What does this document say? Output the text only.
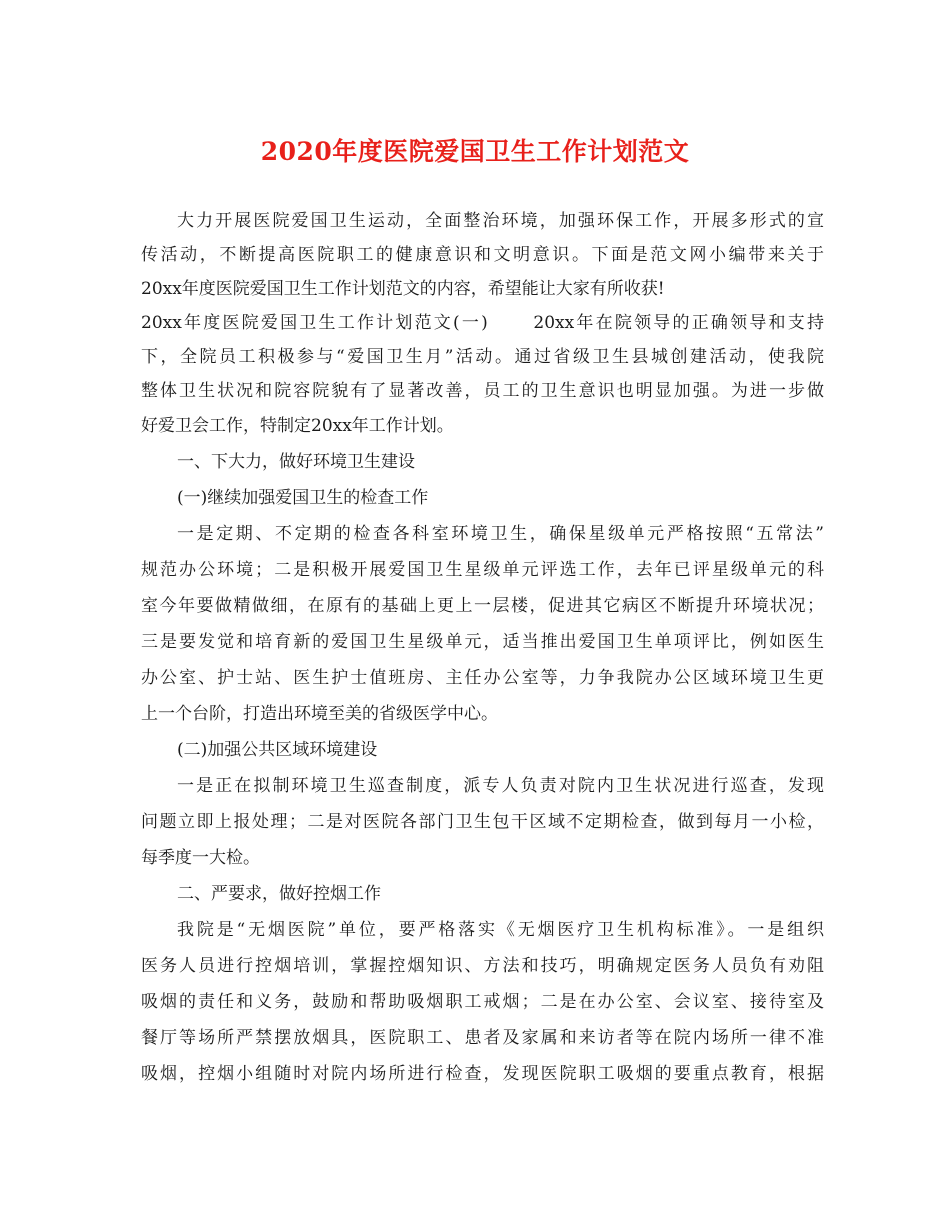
2020年度医院爱国卫生工作计划范文
大力开展医院爱国卫生运动，全面整治环境，加强环保工作，开展多形式的宣
传活动，不断提高医院职工的健康意识和文明意识。下面是范文网小编带来关于
20xx年度医院爱国卫生工作计划范文的内容，希望能让大家有所收获!
20xx年度医院爱国卫生工作计划范文(一)      20xx年在院领导的正确领导和支持
下，全院员工积极参与“爱国卫生月”活动。通过省级卫生县城创建活动，使我院
整体卫生状况和院容院貌有了显著改善，员工的卫生意识也明显加强。为进一步做
好爱卫会工作，特制定20xx年工作计划。
一、下大力，做好环境卫生建设
(一)继续加强爱国卫生的检查工作
一是定期、不定期的检查各科室环境卫生，确保星级单元严格按照“五常法”
规范办公环境；二是积极开展爱国卫生星级单元评选工作，去年已评星级单元的科
室今年要做精做细，在原有的基础上更上一层楼，促进其它病区不断提升环境状况；
三是要发觉和培育新的爱国卫生星级单元，适当推出爱国卫生单项评比，例如医生
办公室、护士站、医生护士值班房、主任办公室等，力争我院办公区域环境卫生更
上一个台阶，打造出环境至美的省级医学中心。
(二)加强公共区域环境建设
一是正在拟制环境卫生巡查制度，派专人负责对院内卫生状况进行巡查，发现
问题立即上报处理；二是对医院各部门卫生包干区域不定期检查，做到每月一小检，
每季度一大检。
二、严要求，做好控烟工作
我院是“无烟医院”单位，要严格落实《无烟医疗卫生机构标准》。一是组织
医务人员进行控烟培训，掌握控烟知识、方法和技巧，明确规定医务人员负有劝阻
吸烟的责任和义务，鼓励和帮助吸烟职工戒烟；二是在办公室、会议室、接待室及
餐厅等场所严禁摆放烟具，医院职工、患者及家属和来访者等在院内场所一律不准
吸烟，控烟小组随时对院内场所进行检查，发现医院职工吸烟的要重点教育，根据
